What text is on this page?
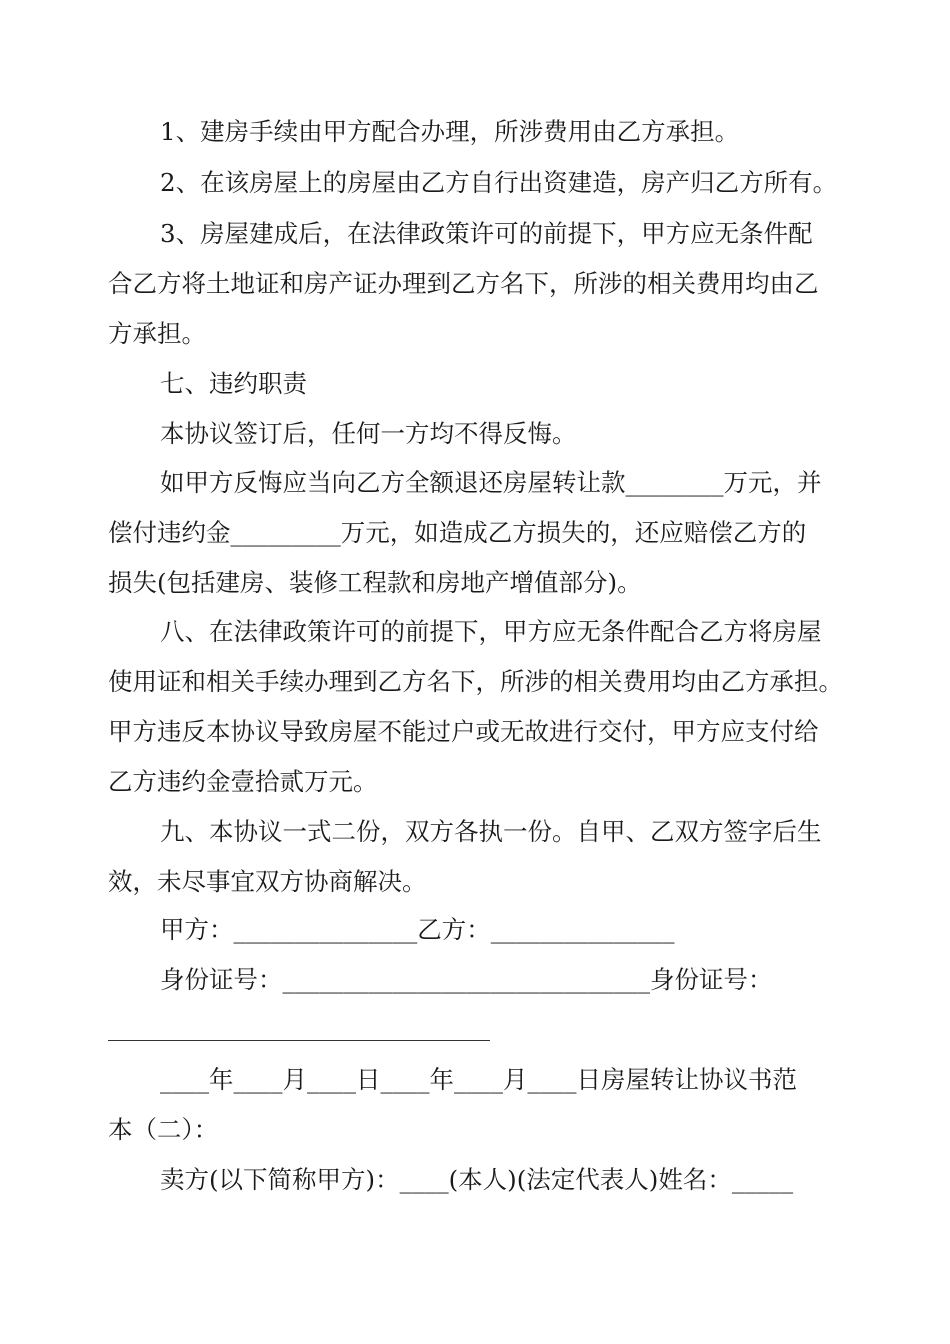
1、建房手续由甲方配合办理，所涉费用由乙方承担。
2、在该房屋上的房屋由乙方自行出资建造，房产归乙方所有。
3、房屋建成后，在法律政策许可的前提下，甲方应无条件配
合乙方将土地证和房产证办理到乙方名下，所涉的相关费用均由乙
方承担。
七、违约职责
本协议签订后，任何一方均不得反悔。
如甲方反悔应当向乙方全额退还房屋转让款________万元，并
偿付违约金_________万元，如造成乙方损失的，还应赔偿乙方的
损失(包括建房、装修工程款和房地产增值部分)。
八、在法律政策许可的前提下，甲方应无条件配合乙方将房屋
使用证和相关手续办理到乙方名下，所涉的相关费用均由乙方承担。
甲方违反本协议导致房屋不能过户或无故进行交付，甲方应支付给
乙方违约金壹拾贰万元。
九、本协议一式二份，双方各执一份。自甲、乙双方签字后生
效，未尽事宜双方协商解决。
甲方：_______________乙方：_______________
身份证号：______________________________身份证号：
____年____月____日____年____月____日房屋转让协议书范
本（二）：
卖方(以下简称甲方)：____(本人)(法定代表人)姓名：_____
